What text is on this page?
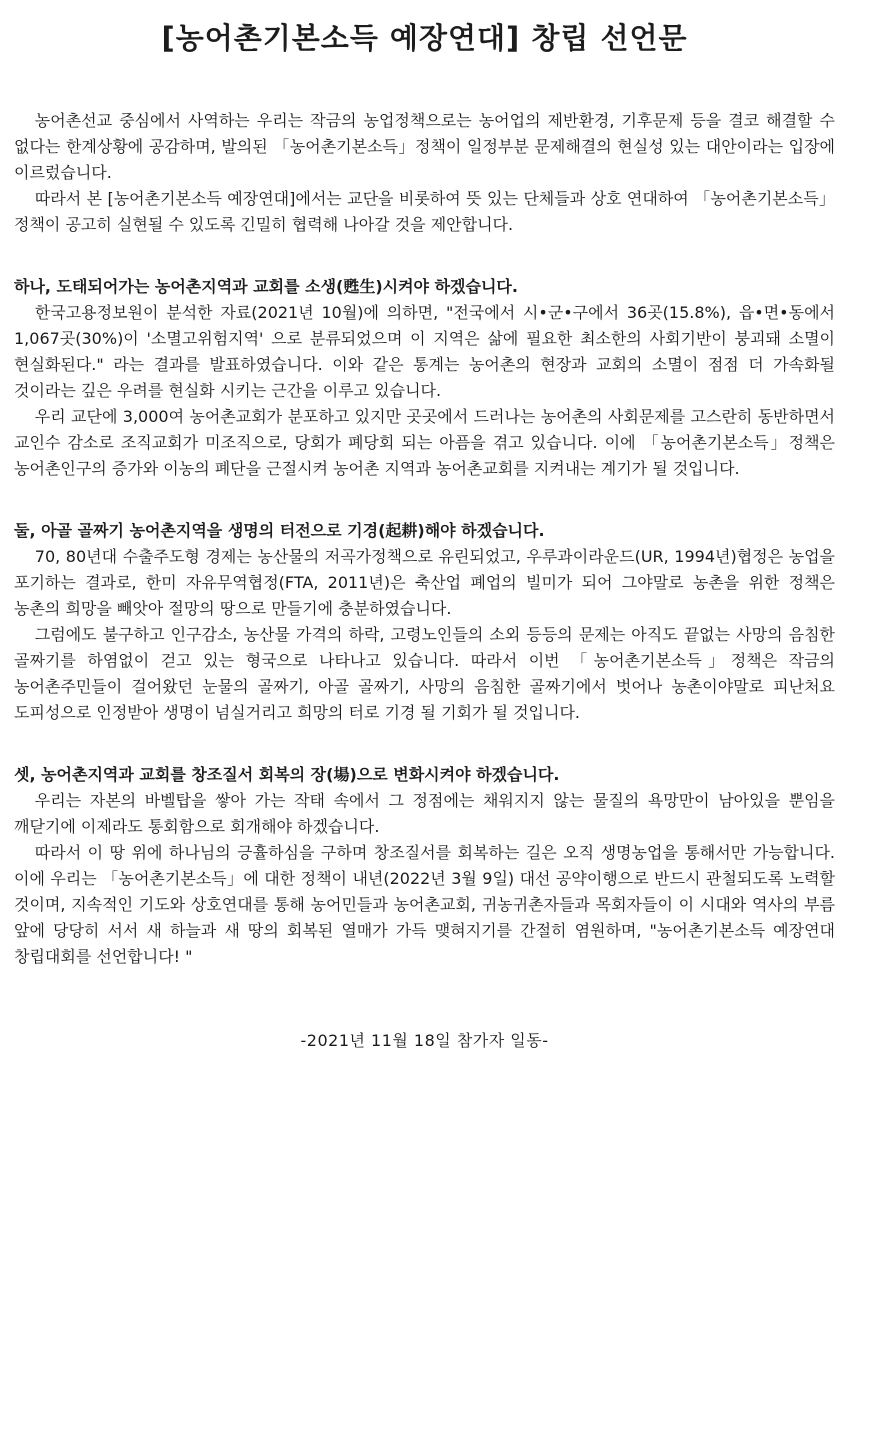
[농어촌기본소득 예장연대] 창립 선언문

농어촌선교 중심에서 사역하는 우리는 작금의 농업정책으로는 농어업의 제반환경, 기후문제 등을 결코 해결할 수 없다는 한계상황에 공감하며, 발의된 「농어촌기본소득」정책이 일정부분 문제해결의 현실성 있는 대안이라는 입장에 이르렀습니다.

따라서 본 [농어촌기본소득 예장연대]에서는 교단을 비롯하여 뜻 있는 단체들과 상호 연대하여 「농어촌기본소득」정책이 공고히 실현될 수 있도록 긴밀히 협력해 나아갈 것을 제안합니다.

하나, 도태되어가는 농어촌지역과 교회를 소생(甦生)시켜야 하겠습니다.

한국고용정보원이 분석한 자료(2021년 10월)에 의하면, "전국에서 시•군•구에서 36곳(15.8%), 읍•면•동에서 1,067곳(30%)이 '소멸고위험지역' 으로 분류되었으며 이 지역은 삶에 필요한 최소한의 사회기반이 붕괴돼 소멸이 현실화된다." 라는 결과를 발표하였습니다. 이와 같은 통계는 농어촌의 현장과 교회의 소멸이 점점 더 가속화될 것이라는 깊은 우려를 현실화 시키는 근간을 이루고 있습니다.

우리 교단에 3,000여 농어촌교회가 분포하고 있지만 곳곳에서 드러나는 농어촌의 사회문제를 고스란히 동반하면서 교인수 감소로 조직교회가 미조직으로, 당회가 폐당회 되는 아픔을 겪고 있습니다. 이에 「농어촌기본소득」정책은 농어촌인구의 증가와 이농의 폐단을 근절시켜 농어촌 지역과 농어촌교회를 지켜내는 계기가 될 것입니다.

둘, 아골 골짜기 농어촌지역을 생명의 터전으로 기경(起耕)해야 하겠습니다.

70, 80년대 수출주도형 경제는 농산물의 저곡가정책으로 유린되었고, 우루과이라운드(UR, 1994년)협정은 농업을 포기하는 결과로, 한미 자유무역협정(FTA, 2011년)은 축산업 폐업의 빌미가 되어 그야말로 농촌을 위한 정책은 농촌의 희망을 빼앗아 절망의 땅으로 만들기에 충분하였습니다.

그럼에도 불구하고 인구감소, 농산물 가격의 하락, 고령노인들의 소외 등등의 문제는 아직도 끝없는 사망의 음침한 골짜기를 하염없이 걷고 있는 형국으로 나타나고 있습니다. 따라서 이번 「농어촌기본소득」정책은 작금의 농어촌주민들이 걸어왔던 눈물의 골짜기, 아골 골짜기, 사망의 음침한 골짜기에서 벗어나 농촌이야말로 피난처요 도피성으로 인정받아 생명이 넘실거리고 희망의 터로 기경 될 기회가 될 것입니다.

셋, 농어촌지역과 교회를 창조질서 회복의 장(場)으로 변화시켜야 하겠습니다.

우리는 자본의 바벨탑을 쌓아 가는 작태 속에서 그 정점에는 채워지지 않는 물질의 욕망만이 남아있을 뿐임을 깨닫기에 이제라도 통회함으로 회개해야 하겠습니다.

따라서 이 땅 위에 하나님의 긍휼하심을 구하며 창조질서를 회복하는 길은 오직 생명농업을 통해서만 가능합니다. 이에 우리는 「농어촌기본소득」에 대한 정책이 내년(2022년 3월 9일) 대선 공약이행으로 반드시 관철되도록 노력할 것이며, 지속적인 기도와 상호연대를 통해 농어민들과 농어촌교회, 귀농귀촌자들과 목회자들이 이 시대와 역사의 부름 앞에 당당히 서서 새 하늘과 새 땅의 회복된 열매가 가득 맺혀지기를 간절히 염원하며, "농어촌기본소득 예장연대 창립대회를 선언합니다! "

-2021년 11월 18일 참가자 일동-
